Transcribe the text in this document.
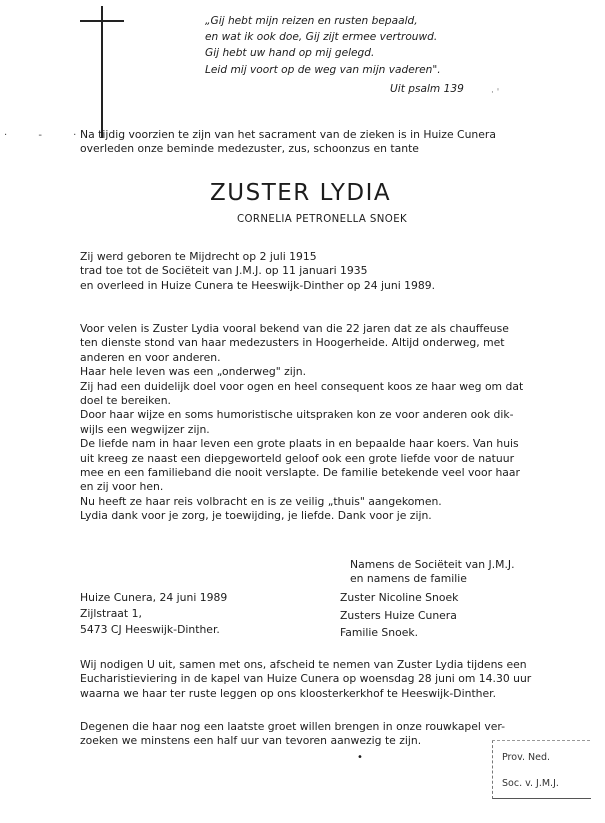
„Gij hebt mijn reizen en rusten bepaald,
en wat ik ook doe, Gij zijt ermee vertrouwd.
Gij hebt uw hand op mij gelegd.
Leid mij voort op de weg van mijn vaderen".
Uit psalm 139
· - ·
· ˈ
Na tijdig voorzien te zijn van het sacrament van de zieken is in Huize Cunera
overleden onze beminde medezuster, zus, schoonzus en tante
ZUSTER LYDIA
CORNELIA PETRONELLA SNOEK
Zij werd geboren te Mijdrecht op 2 juli 1915
trad toe tot de Sociëteit van J.M.J. op 11 januari 1935
en overleed in Huize Cunera te Heeswijk-Dinther op 24 juni 1989.
Voor velen is Zuster Lydia vooral bekend van die 22 jaren dat ze als chauffeuse
ten dienste stond van haar medezusters in Hoogerheide. Altijd onderweg, met
anderen en voor anderen.
Haar hele leven was een „onderweg" zijn.
Zij had een duidelijk doel voor ogen en heel consequent koos ze haar weg om dat
doel te bereiken.
Door haar wijze en soms humoristische uitspraken kon ze voor anderen ook dik-
wijls een wegwijzer zijn.
De liefde nam in haar leven een grote plaats in en bepaalde haar koers. Van huis
uit kreeg ze naast een diepgeworteld geloof ook een grote liefde voor de natuur
mee en een familieband die nooit verslapte. De familie betekende veel voor haar
en zij voor hen.
Nu heeft ze haar reis volbracht en is ze veilig „thuis" aangekomen.
Lydia dank voor je zorg, je toewijding, je liefde. Dank voor je zijn.
Namens de Sociëteit van J.M.J.
en namens de familie
Zuster Nicoline Snoek
Zusters Huize Cunera
Familie Snoek.
Huize Cunera, 24 juni 1989
Zijlstraat 1,
5473 CJ Heeswijk-Dinther.
Wij nodigen U uit, samen met ons, afscheid te nemen van Zuster Lydia tijdens een
Eucharistieviering in de kapel van Huize Cunera op woensdag 28 juni om 14.30 uur
waarna we haar ter ruste leggen op ons kloosterkerkhof te Heeswijk-Dinther.
Degenen die haar nog een laatste groet willen brengen in onze rouwkapel ver-
zoeken we minstens een half uur van tevoren aanwezig te zijn.
•	Prov. Ned.
Soc. v. J.M.J.
